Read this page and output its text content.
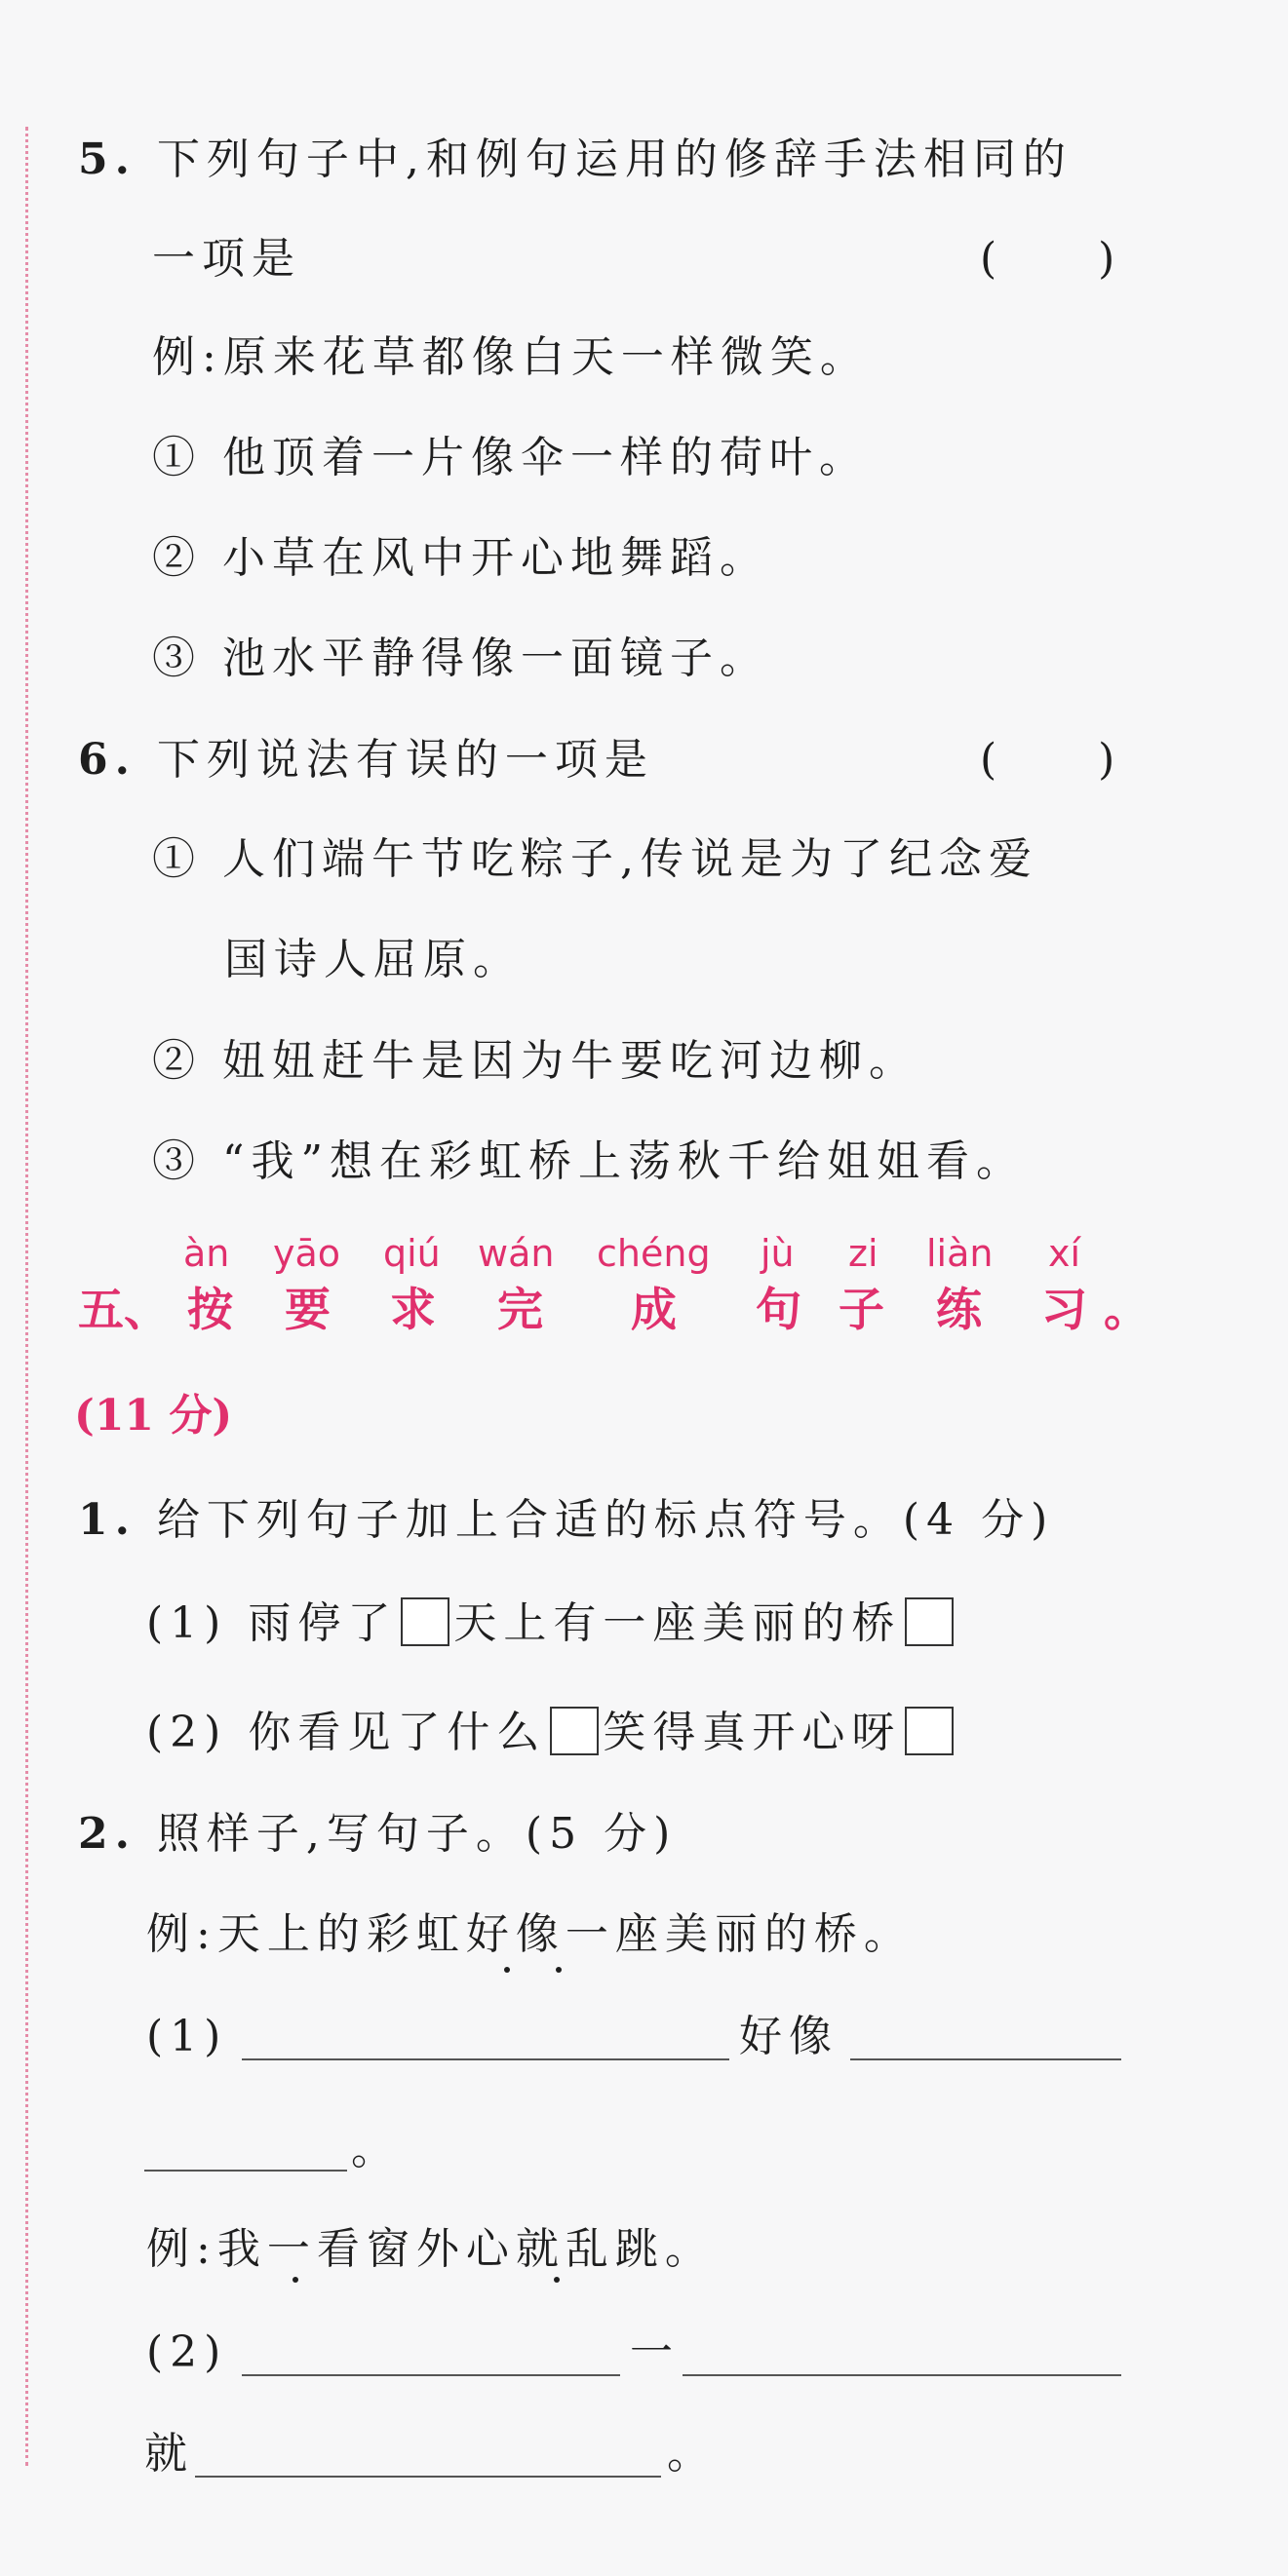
5. 下列句子中,和例句运用的修辞手法相同的
一项是	( )
例:原来花草都像白天一样微笑。
① 他顶着一片像伞一样的荷叶。
② 小草在风中开心地舞蹈。
③ 池水平静得像一面镜子。
6. 下列说法有误的一项是	( )
① 人们端午节吃粽子,传说是为了纪念爱
国诗人屈原。
② 妞妞赶牛是因为牛要吃河边柳。
③ “我”想在彩虹桥上荡秋千给姐姐看。
五、
àn
按
yāo
要
qiú
求
wán
完
chéng
成
jù
句
zi
子
liàn
练
xí
习 。
(11 分)
1. 给下列句子加上合适的标点符号。(4 分)
(1) 雨停了 天上有一座美丽的桥
(2) 你看见了什么 笑得真开心呀
2. 照样子,写句子。(5 分)
例:天上的彩虹好像一座美丽的桥。
(1)	好像
。
例:我一看窗外心就乱跳。
(2)	一
就	。
